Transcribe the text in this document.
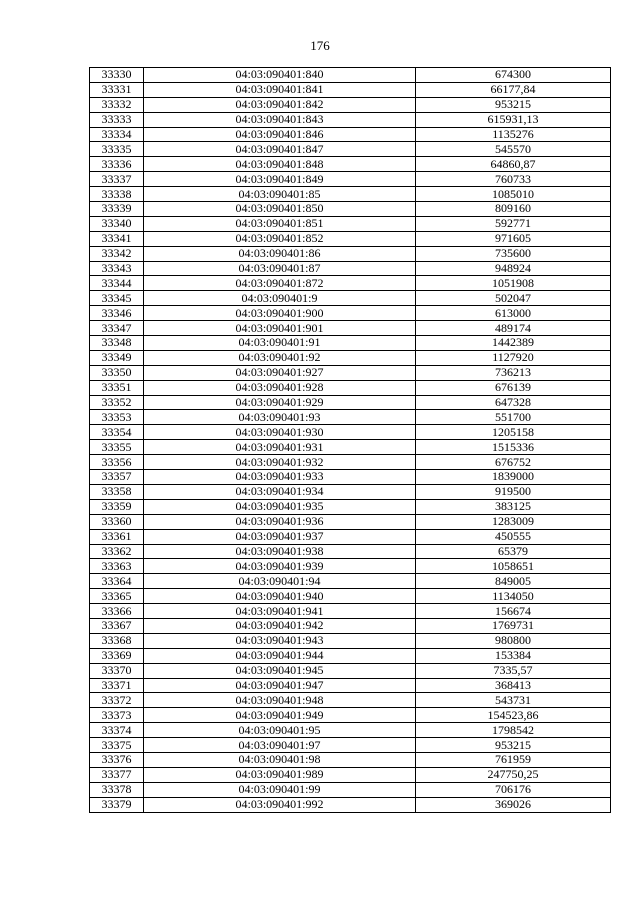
176
33330	04:03:090401:840	674300
33331	04:03:090401:841	66177,84
33332	04:03:090401:842	953215
33333	04:03:090401:843	615931,13
33334	04:03:090401:846	1135276
33335	04:03:090401:847	545570
33336	04:03:090401:848	64860,87
33337	04:03:090401:849	760733
33338	04:03:090401:85	1085010
33339	04:03:090401:850	809160
33340	04:03:090401:851	592771
33341	04:03:090401:852	971605
33342	04:03:090401:86	735600
33343	04:03:090401:87	948924
33344	04:03:090401:872	1051908
33345	04:03:090401:9	502047
33346	04:03:090401:900	613000
33347	04:03:090401:901	489174
33348	04:03:090401:91	1442389
33349	04:03:090401:92	1127920
33350	04:03:090401:927	736213
33351	04:03:090401:928	676139
33352	04:03:090401:929	647328
33353	04:03:090401:93	551700
33354	04:03:090401:930	1205158
33355	04:03:090401:931	1515336
33356	04:03:090401:932	676752
33357	04:03:090401:933	1839000
33358	04:03:090401:934	919500
33359	04:03:090401:935	383125
33360	04:03:090401:936	1283009
33361	04:03:090401:937	450555
33362	04:03:090401:938	65379
33363	04:03:090401:939	1058651
33364	04:03:090401:94	849005
33365	04:03:090401:940	1134050
33366	04:03:090401:941	156674
33367	04:03:090401:942	1769731
33368	04:03:090401:943	980800
33369	04:03:090401:944	153384
33370	04:03:090401:945	7335,57
33371	04:03:090401:947	368413
33372	04:03:090401:948	543731
33373	04:03:090401:949	154523,86
33374	04:03:090401:95	1798542
33375	04:03:090401:97	953215
33376	04:03:090401:98	761959
33377	04:03:090401:989	247750,25
33378	04:03:090401:99	706176
33379	04:03:090401:992	369026
